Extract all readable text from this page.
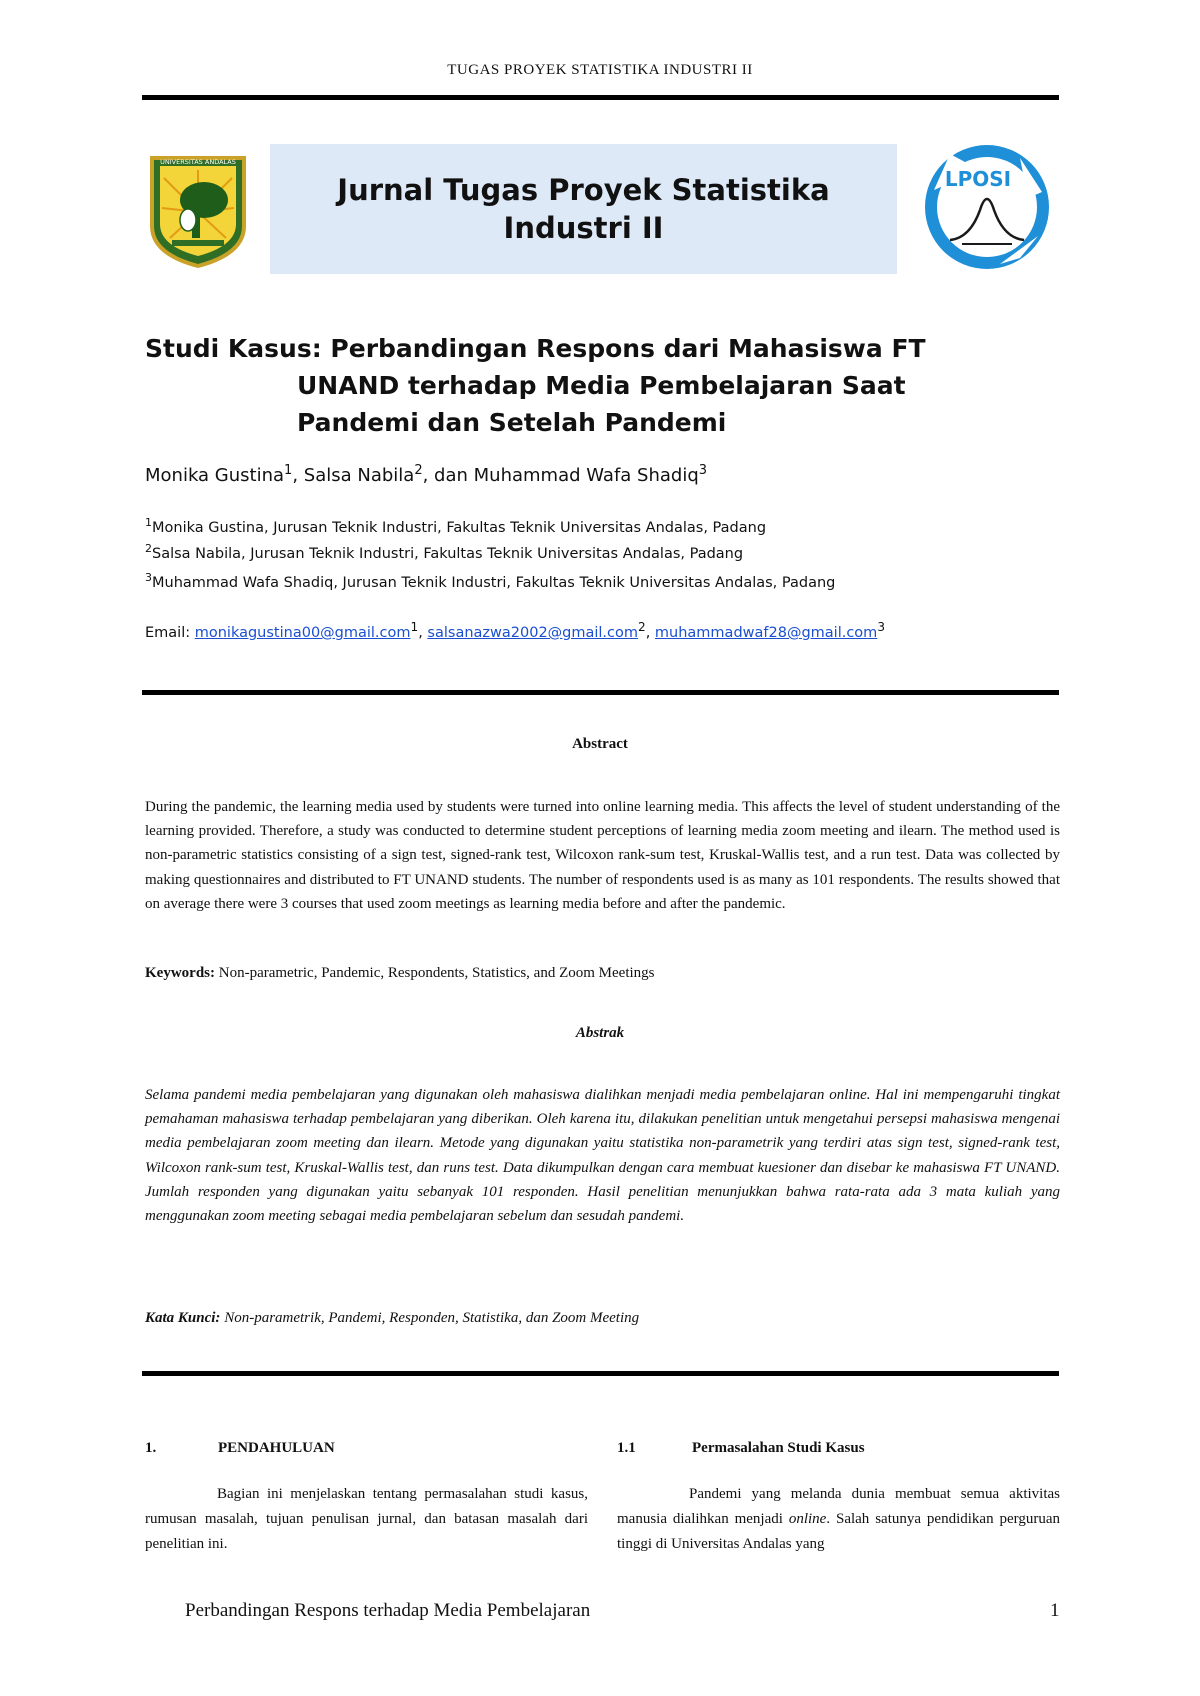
TUGAS PROYEK STATISTIKA INDUSTRI II
UNIVERSITAS ANDALAS
Jurnal Tugas Proyek Statistika
Industri II
LPOSI
Studi Kasus: Perbandingan Respons dari Mahasiswa FT
UNAND terhadap Media Pembelajaran Saat
Pandemi dan Setelah Pandemi
Monika Gustina$^1$, Salsa Nabila$^2$, dan Muhammad Wafa Shadiq$^3$
$^1$Monika Gustina, Jurusan Teknik Industri, Fakultas Teknik Universitas Andalas, Padang
$^2$Salsa Nabila, Jurusan Teknik Industri, Fakultas Teknik Universitas Andalas, Padang
$^3$Muhammad Wafa Shadiq, Jurusan Teknik Industri, Fakultas Teknik Universitas Andalas, Padang
Email: monikagustina00@gmail.com$^1$, salsanazwa2002@gmail.com$^2$, muhammadwaf28@gmail.com$^3$
Abstract
During the pandemic, the learning media used by students were turned into online learning media. This affects the level of student understanding of the learning provided. Therefore, a study was conducted to determine student perceptions of learning media zoom meeting and ilearn. The method used is non-parametric statistics consisting of a sign test, signed-rank test, Wilcoxon rank-sum test, Kruskal-Wallis test, and a run test. Data was collected by making questionnaires and distributed to FT UNAND students. The number of respondents used is as many as 101 respondents. The results showed that on average there were 3 courses that used zoom meetings as learning media before and after the pandemic.
Keywords: Non-parametric, Pandemic, Respondents, Statistics, and Zoom Meetings
Abstrak
Selama pandemi media pembelajaran yang digunakan oleh mahasiswa dialihkan menjadi media pembelajaran online. Hal ini mempengaruhi tingkat pemahaman mahasiswa terhadap pembelajaran yang diberikan. Oleh karena itu, dilakukan penelitian untuk mengetahui persepsi mahasiswa mengenai media pembelajaran zoom meeting dan ilearn. Metode yang digunakan yaitu statistika non-parametrik yang terdiri atas sign test, signed-rank test, Wilcoxon rank-sum test, Kruskal-Wallis test, dan runs test. Data dikumpulkan dengan cara membuat kuesioner dan disebar ke mahasiswa FT UNAND. Jumlah responden yang digunakan yaitu sebanyak 101 responden. Hasil penelitian menunjukkan bahwa rata-rata ada 3 mata kuliah yang menggunakan zoom meeting sebagai media pembelajaran sebelum dan sesudah pandemi.
Kata Kunci: Non-parametrik, Pandemi, Responden, Statistika, dan Zoom Meeting
1.	PENDAHULUAN
Bagian ini menjelaskan tentang permasalahan studi kasus, rumusan masalah, tujuan penulisan jurnal, dan batasan masalah dari penelitian ini.
1.1	Permasalahan Studi Kasus
Pandemi yang melanda dunia membuat semua aktivitas manusia dialihkan menjadi online. Salah satunya pendidikan perguruan tinggi di Universitas Andalas yang
Perbandingan Respons terhadap Media Pembelajaran	1
